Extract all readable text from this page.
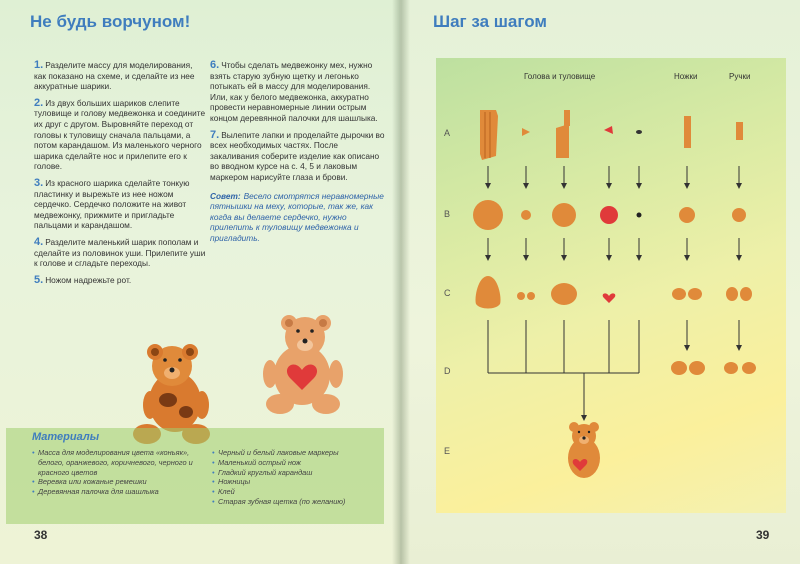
Не будь ворчуном!
1. Разделите массу для моделирования, как показано на схеме, и сделайте из нее аккуратные шарики.
2. Из двух больших шариков слепите туловище и голову медвежонка и соедините их друг с другом. Выровняйте переход от головы к туловищу сначала пальцами, а потом карандашом. Из маленького черного шарика сделайте нос и прилепите его к голове.
3. Из красного шарика сделайте тонкую пластинку и вырежьте из нее ножом сердечко. Сердечко положите на живот медвежонку, прижмите и пригладьте пальцами и карандашом.
4. Разделите маленький шарик пополам и сделайте из половинок уши. Прилепите уши к голове и сгладьте переходы.
5. Ножом надрежьте рот.
6. Чтобы сделать медвежонку мех, нужно взять старую зубную щетку и легонько потыкать ей в массу для моделирования. Или, как у белого медвежонка, аккуратно провести неравномерные линии острым концом деревянной палочки для шашлыка.
7. Вылепите лапки и проделайте дырочки во всех необходимых частях. После закаливания соберите изделие как описано во вводном курсе на с. 4, 5 и лаковым маркером нарисуйте глаза и брови.
Совет: Весело смотрятся неравномерные пятнышки на меху, которые, так же, как когда вы делаете сердечко, нужно прилепить к туловищу медвежонка и пригладить.
Материалы
• Масса для моделирования цвета «коньяк», белого, оранжевого, коричневого, черного и красного цветов
• Веревка или кожаные ремешки
• Деревянная палочка для шашлыка
• Черный и белый лаковые маркеры
• Маленький острый нож
• Гладкий круглый карандаш
• Ножницы
• Клей
• Старая зубная щетка (по желанию)
38
Шаг за шагом
Голова и туловище	Ножки	Ручки
A
B
C
D
E
39
